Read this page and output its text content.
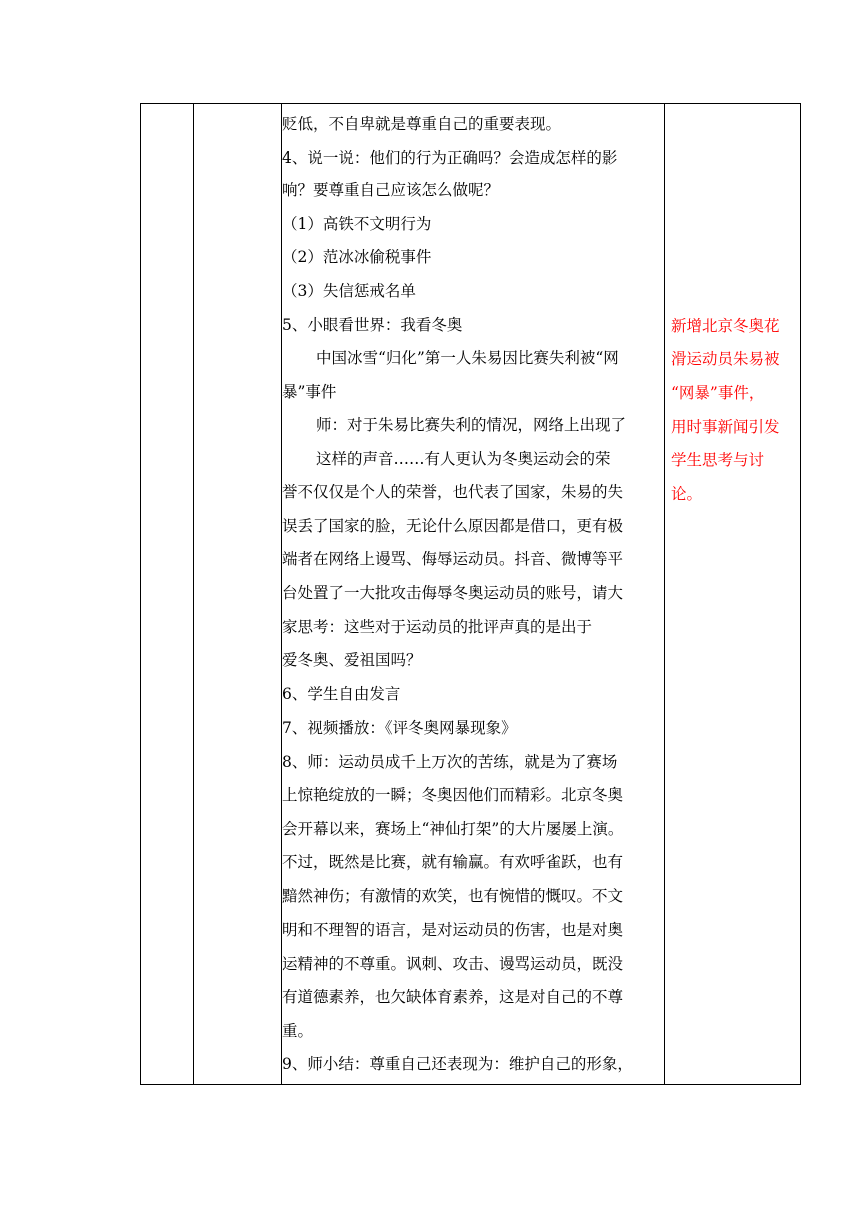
贬低，不自卑就是尊重自己的重要表现。
4、说一说：他们的行为正确吗？会造成怎样的影
响？要尊重自己应该怎么做呢？
（1）高铁不文明行为
（2）范冰冰偷税事件
（3）失信惩戒名单
5、小眼看世界：我看冬奥
中国冰雪“归化”第一人朱易因比赛失利被“网
暴”事件
师：对于朱易比赛失利的情况，网络上出现了
这样的声音……有人更认为冬奥运动会的荣
誉不仅仅是个人的荣誉，也代表了国家，朱易的失
误丢了国家的脸，无论什么原因都是借口，更有极
端者在网络上谩骂、侮辱运动员。抖音、微博等平
台处置了一大批攻击侮辱冬奥运动员的账号，请大
家思考：这些对于运动员的批评声真的是出于
爱冬奥、爱祖国吗？
6、学生自由发言
7、视频播放：《评冬奥网暴现象》
8、师：运动员成千上万次的苦练，就是为了赛场
上惊艳绽放的一瞬；冬奥因他们而精彩。北京冬奥
会开幕以来，赛场上“神仙打架”的大片屡屡上演。
不过，既然是比赛，就有输赢。有欢呼雀跃，也有
黯然神伤；有激情的欢笑，也有惋惜的慨叹。不文
明和不理智的语言，是对运动员的伤害，也是对奥
运精神的不尊重。讽刺、攻击、谩骂运动员，既没
有道德素养，也欠缺体育素养，这是对自己的不尊
重。
9、师小结：尊重自己还表现为：维护自己的形象，
新增北京冬奥花
滑运动员朱易被
“网暴”事件，
用时事新闻引发
学生思考与讨
论。
